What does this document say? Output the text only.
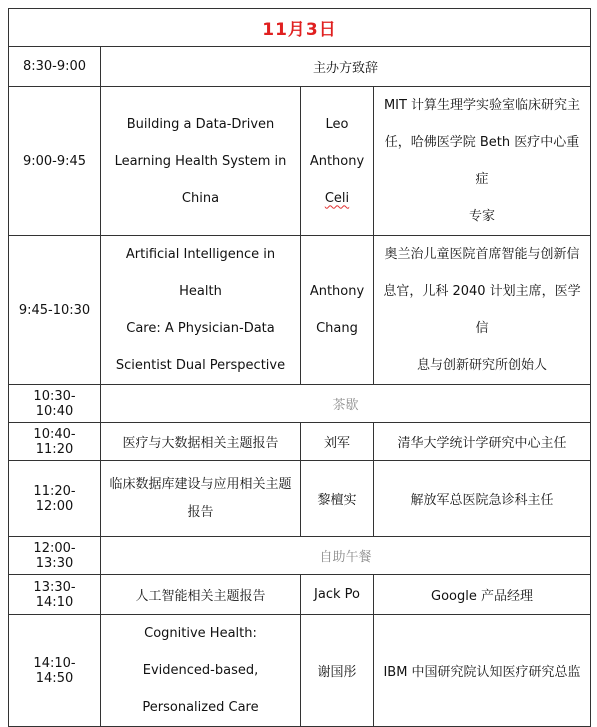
11月3日			
8:30-9:00	主办方致辞		
9:00-9:45	Building a Data-Driven
Learning Health System in
China	Leo
Anthony
Celi	MIT 计算生理学实验室临床研究主
任，哈佛医学院 Beth 医疗中心重症
专家

9:45-10:30	Artificial Intelligence in Health
Care: A Physician-Data
Scientist Dual Perspective	Anthony
Chang	奥兰治儿童医院首席智能与创新信
息官，儿科 2040 计划主席，医学信
息与创新研究所创始人

10:30-10:40	茶歇		
10:40-11:20	医疗与大数据相关主题报告	刘军	清华大学统计学研究中心主任
11:20-12:00	临床数据库建设与应用相关主题
报告	黎檀实	解放军总医院急诊科主任
12:00-13:30	自助午餐		
13:30-14:10	人工智能相关主题报告	Jack Po	Google 产品经理
14:10-14:50	Cognitive Health:
Evidenced-based,
Personalized Care	谢国彤	IBM 中国研究院认知医疗研究总监
